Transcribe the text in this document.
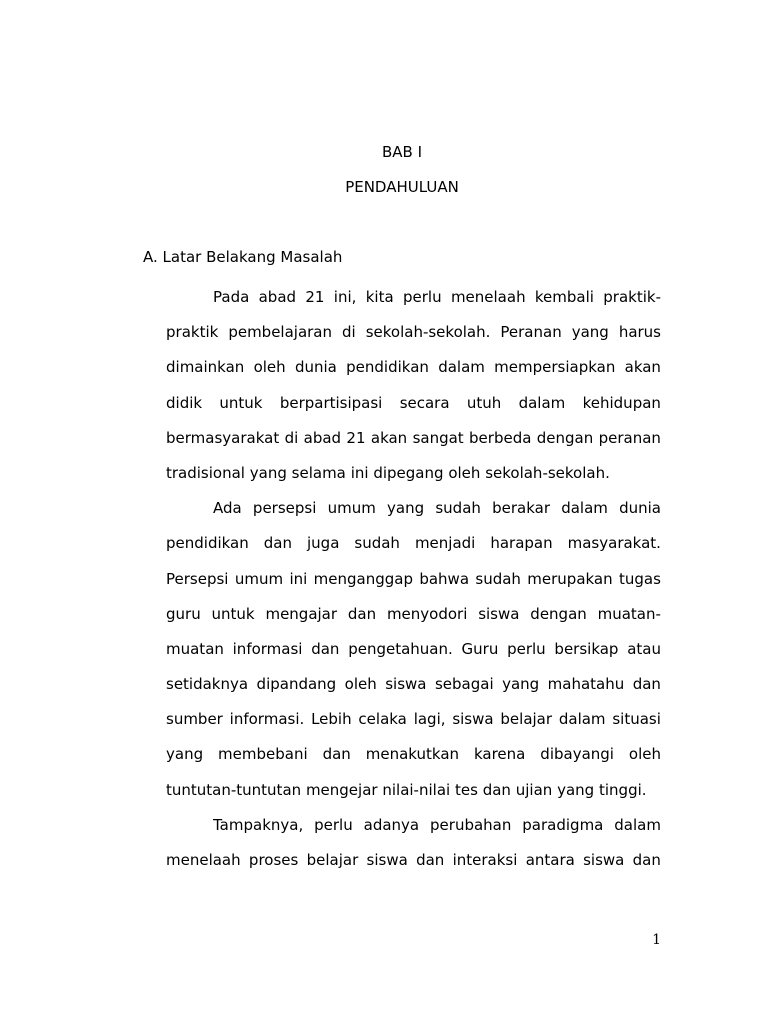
BAB I
PENDAHULUAN
A. Latar Belakang Masalah
Pada abad 21 ini, kita perlu menelaah kembali praktik-
praktik pembelajaran di sekolah-sekolah. Peranan yang harus
dimainkan oleh dunia pendidikan dalam mempersiapkan akan
didik untuk berpartisipasi secara utuh dalam kehidupan
bermasyarakat di abad 21 akan sangat berbeda dengan peranan
tradisional yang selama ini dipegang oleh sekolah-sekolah.
Ada persepsi umum yang sudah berakar dalam dunia
pendidikan dan juga sudah menjadi harapan masyarakat.
Persepsi umum ini menganggap bahwa sudah merupakan tugas
guru untuk mengajar dan menyodori siswa dengan muatan-
muatan informasi dan pengetahuan. Guru perlu bersikap atau
setidaknya dipandang oleh siswa sebagai yang mahatahu dan
sumber informasi. Lebih celaka lagi, siswa belajar dalam situasi
yang membebani dan menakutkan karena dibayangi oleh
tuntutan-tuntutan mengejar nilai-nilai tes dan ujian yang tinggi.
Tampaknya, perlu adanya perubahan paradigma dalam
menelaah proses belajar siswa dan interaksi antara siswa dan
1
